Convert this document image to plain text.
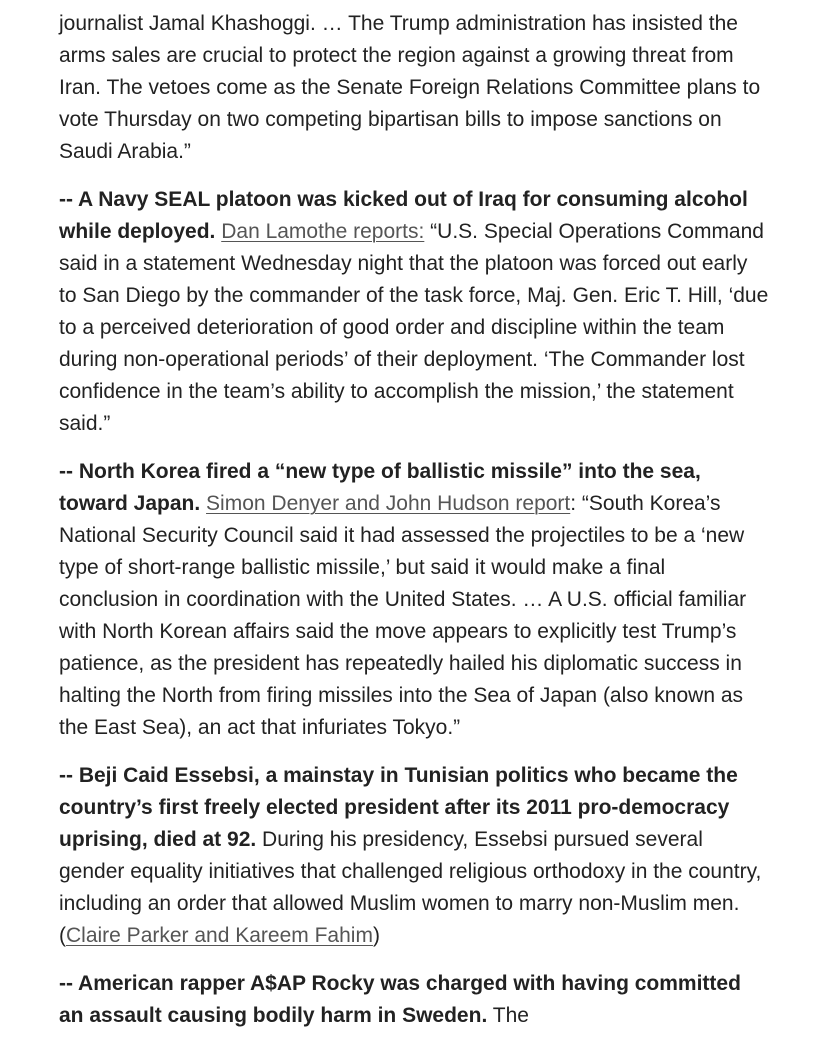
journalist Jamal Khashoggi. … The Trump administration has insisted the arms sales are crucial to protect the region against a growing threat from Iran. The vetoes come as the Senate Foreign Relations Committee plans to vote Thursday on two competing bipartisan bills to impose sanctions on Saudi Arabia.”

-- A Navy SEAL platoon was kicked out of Iraq for consuming alcohol while deployed. Dan Lamothe reports: “U.S. Special Operations Command said in a statement Wednesday night that the platoon was forced out early to San Diego by the commander of the task force, Maj. Gen. Eric T. Hill, ‘due to a perceived deterioration of good order and discipline within the team during non-operational periods’ of their deployment. ‘The Commander lost confidence in the team’s ability to accomplish the mission,’ the statement said.”

-- North Korea fired a “new type of ballistic missile” into the sea, toward Japan. Simon Denyer and John Hudson report: “South Korea’s National Security Council said it had assessed the projectiles to be a ‘new type of short-range ballistic missile,’ but said it would make a final conclusion in coordination with the United States. … A U.S. official familiar with North Korean affairs said the move appears to explicitly test Trump’s patience, as the president has repeatedly hailed his diplomatic success in halting the North from firing missiles into the Sea of Japan (also known as the East Sea), an act that infuriates Tokyo.”

-- Beji Caid Essebsi, a mainstay in Tunisian politics who became the country’s first freely elected president after its 2011 pro-democracy uprising, died at 92. During his presidency, Essebsi pursued several gender equality initiatives that challenged religious orthodoxy in the country, including an order that allowed Muslim women to marry non-Muslim men. (Claire Parker and Kareem Fahim)

-- American rapper A$AP Rocky was charged with having committed an assault causing bodily harm in Sweden. The
